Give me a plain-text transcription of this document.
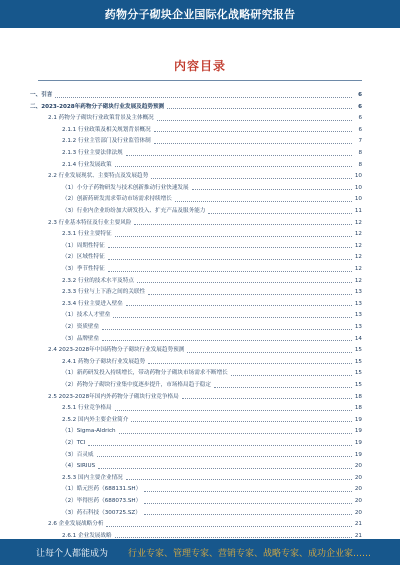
药物分子砌块企业国际化战略研究报告
内容目录
一、引言	6
二、2023-2028年药物分子砌块行业发展及趋势预测	6
2.1 药物分子砌块行业政策背景及主体概况	6
2.1.1 行业政策及相关规划背景概况	6
2.1.2 行业主管部门及行业监管体制	7
2.1.3 行业主要法律法规	8
2.1.4 行业发展政策	8
2.2 行业发展现状、主要特点及发展趋势	10
（1）小分子药物研发与技术创新推动行业快速发展	10
（2）创新药研发需求带动市场需求持续增长	10
（3）行业内企业纷纷加大研发投入、扩充产品及服务能力	11
2.3 行业基本特征及行业主要风险	12
2.3.1 行业主要特征	12
（1）周期性特征	12
（2）区域性特征	12
（3）季节性特征	12
2.3.2 行业的技术水平及特点	12
2.3.3 行业与上下游之间的关联性	13
2.3.4 行业主要进入壁垒	13
（1）技术人才壁垒	13
（2）资质壁垒	13
（3）品牌壁垒	14
2.4 2023-2028年中国药物分子砌块行业发展趋势预测	15
2.4.1 药物分子砌块行业发展趋势	15
（1）新药研发投入持续增长，带动药物分子砌块市场需求不断增长	15
（2）药物分子砌块行业集中度逐步提升，市场格局趋于稳定	15
2.5 2023-2028年国内外药物分子砌块行业竞争格局	18
2.5.1 行业竞争格局	18
2.5.2 国内外主要企业简介	19
（1）Sigma-Aldrich	19
（2）TCI	19
（3）百灵威	19
（4）SIRIUS	20
2.5.3 国内主要企业情况	20
（1）皓元医药（688131.SH）	20
（2）毕得医药（688073.SH）	20
（3）药石科技（300725.SZ）	20
2.6 企业发展战略分析	21
2.6.1 企业发展战略	21
让每个人都能成为 行业专家、管理专家、营销专家、战略专家、成功企业家……
